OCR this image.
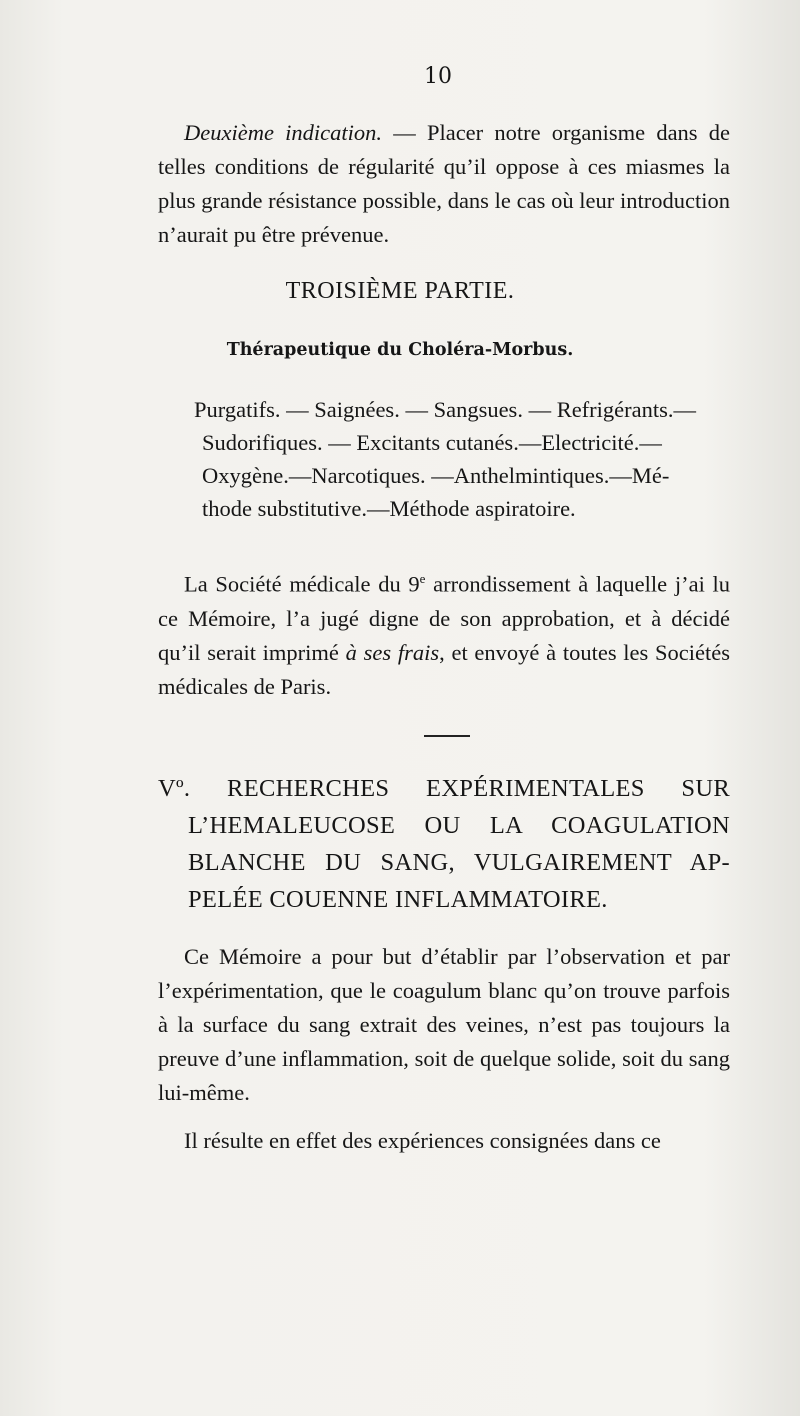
10

Deuxième indication. — Placer notre organisme dans de telles conditions de régularité qu’il oppose à ces miasmes la plus grande résistance possible, dans le cas où leur introduction n’aurait pu être prévenue.

TROISIÈME PARTIE.
Thérapeutique du Choléra-Morbus.
Purgatifs. — Saignées. — Sangsues. — Refrigérants.—
Sudorifiques. — Excitants cutanés.—Electricité.—
Oxygène.—Narcotiques. —Anthelmintiques.—Mé-
thode substitutive.—Méthode aspiratoire.

La Société médicale du 9e arrondissement à laquelle j’ai lu ce Mémoire, l’a jugé digne de son approbation, et à décidé qu’il serait imprimé à ses frais, et envoyé à toutes les Sociétés médicales de Paris.

Vº. RECHERCHES EXPÉRIMENTALES SUR
L’HEMALEUCOSE OU LA COAGULATION
BLANCHE DU SANG, VULGAIREMENT AP-
PELÉE COUENNE INFLAMMATOIRE.

Ce Mémoire a pour but d’établir par l’observation et par l’expérimentation, que le coagulum blanc qu’on trouve parfois à la surface du sang extrait des veines, n’est pas toujours la preuve d’une inflammation, soit de quelque solide, soit du sang lui-même.

Il résulte en effet des expériences consignées dans ce
